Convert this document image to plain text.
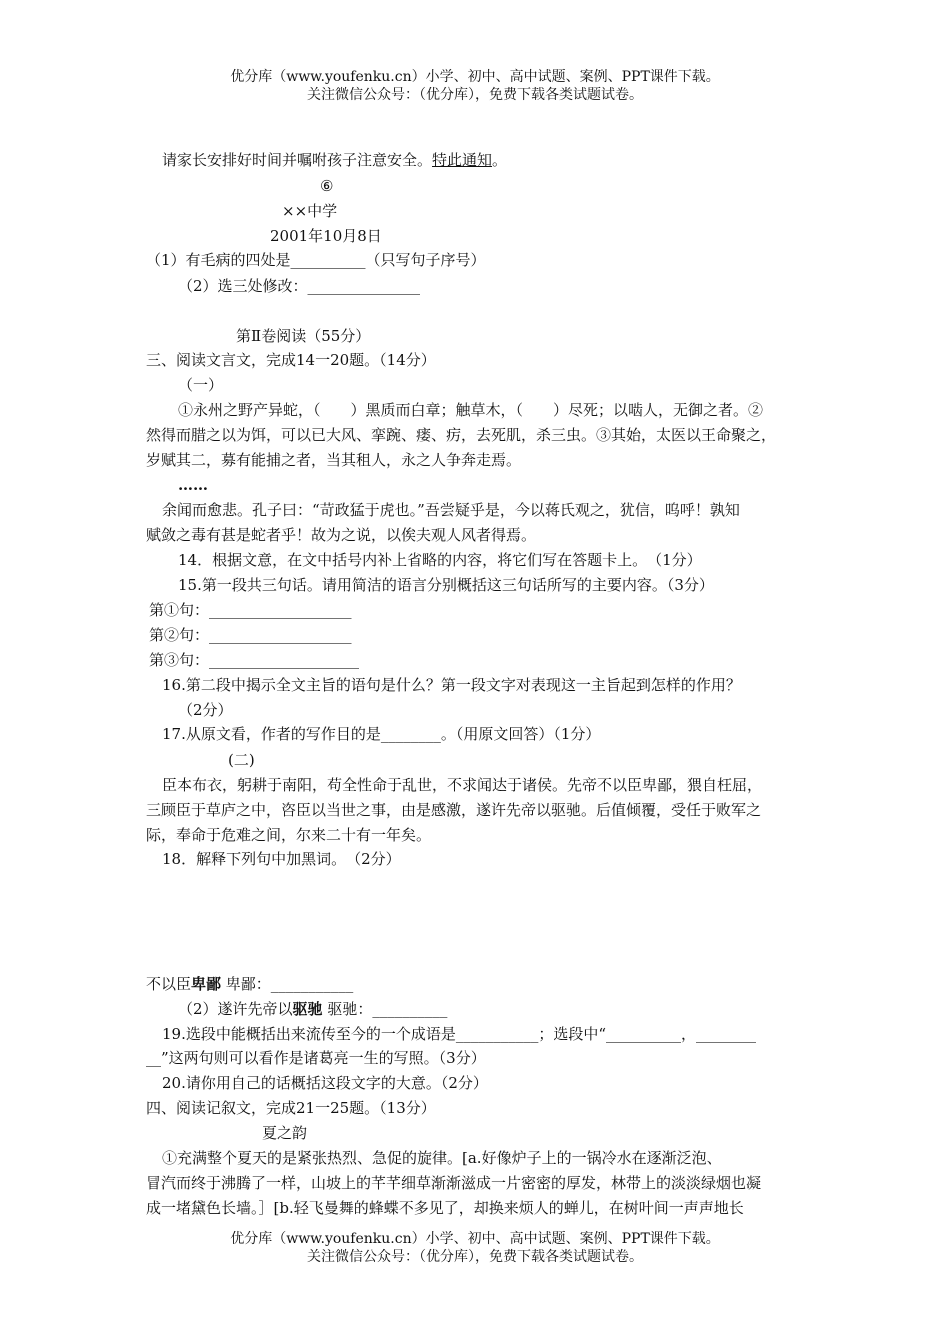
优分库（www.youfenku.cn）小学、初中、高中试题、案例、PPT课件下载。
关注微信公众号：（优分库），免费下载各类试题试卷。
请家长安排好时间并嘱咐孩子注意安全。特此通知。
⑥
××中学
2001年10月8日
（1）有毛病的四处是__________（只写句子序号）
（2）选三处修改：_______________
第Ⅱ卷阅读（55分）
三、阅读文言文，完成14一20题。（14分）
（一）
①永州之野产异蛇，（　　）黑质而白章；触草木，（　　）尽死；以啮人，无御之者。②
然得而腊之以为饵，可以已大风、挛踠、瘘、疠，去死肌，杀三虫。③其始，太医以王命聚之，
岁赋其二，募有能捕之者，当其租人，永之人争奔走焉。
……
余闻而愈悲。孔子曰：“苛政猛于虎也。”吾尝疑乎是，今以蒋氏观之，犹信，呜呼！孰知
赋敛之毒有甚是蛇者乎！故为之说，以俟夫观人风者得焉。
14．根据文意，在文中括号内补上省略的内容，将它们写在答题卡上。　（1分）
15.第一段共三句话。请用简洁的语言分别概括这三句话所写的主要内容。（3分）
第①句：___________________
第②句：___________________
第③句：____________________
16.第二段中揭示全文主旨的语句是什么？第一段文字对表现这一主旨起到怎样的作用？
（2分）
17.从原文看，作者的写作目的是________。（用原文回答）（1分）
(二)
臣本布衣，躬耕于南阳，苟全性命于乱世，不求闻达于诸侯。先帝不以臣卑鄙，猥自枉屈，
三顾臣于草庐之中，咨臣以当世之事，由是感激，遂许先帝以驱驰。后值倾覆，受任于败军之
际，奉命于危难之间，尔来二十有一年矣。
18．解释下列句中加黑词。　（2分）
不以臣卑鄙 卑鄙：___________
（2）遂许先帝以驱驰 驱驰：__________
19.选段中能概括出来流传至今的一个成语是___________；选段中“__________，________
__”这两句则可以看作是诸葛亮一生的写照。（3分）
20.请你用自己的话概括这段文字的大意。（2分）
四、阅读记叙文，完成21一25题。（13分）
夏之韵
①充满整个夏天的是紧张热烈、急促的旋律。[a.好像炉子上的一锅冷水在逐渐泛泡、
冒汽而终于沸腾了一样，山坡上的芊芊细草渐渐滋成一片密密的厚发，林带上的淡淡绿烟也凝
成一堵黛色长墙。］[b.轻飞曼舞的蜂蝶不多见了，却换来烦人的蝉儿，在树叶间一声声地长
优分库（www.youfenku.cn）小学、初中、高中试题、案例、PPT课件下载。
关注微信公众号：（优分库），免费下载各类试题试卷。
